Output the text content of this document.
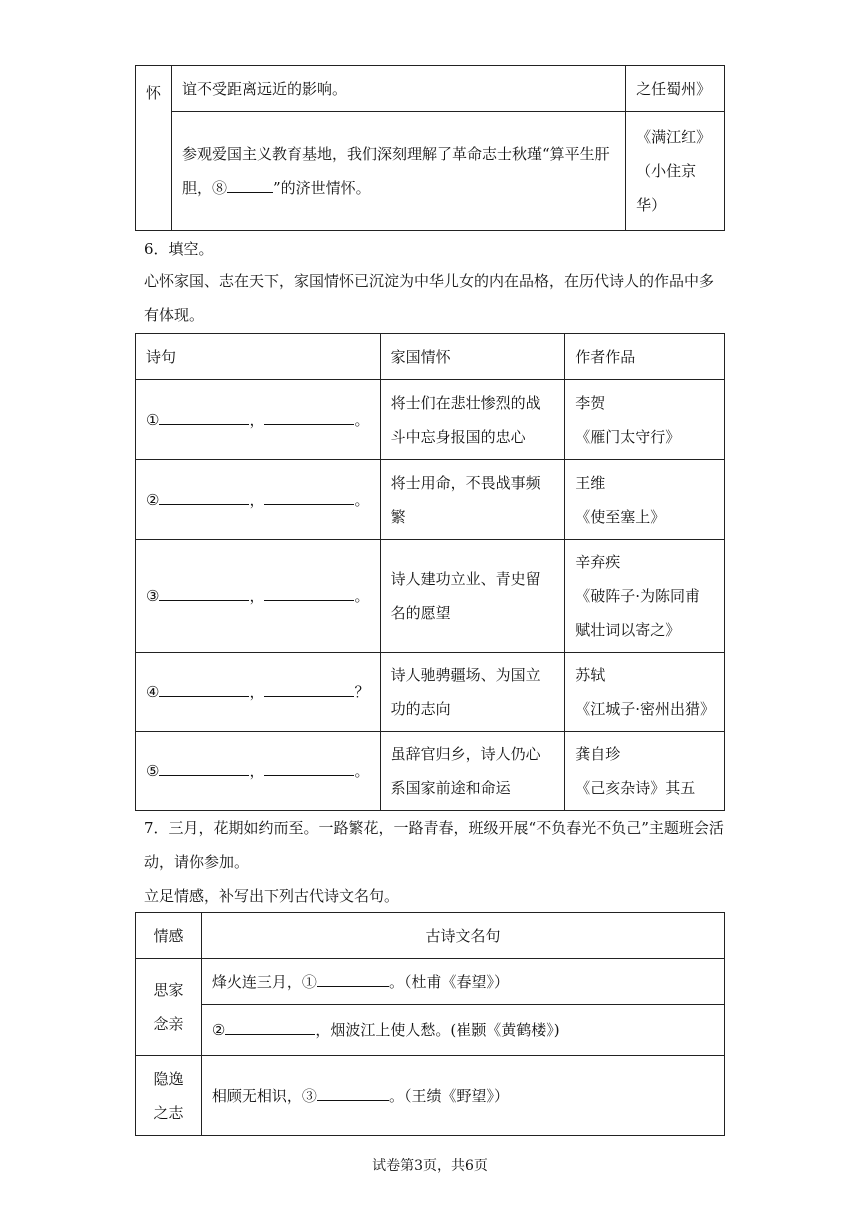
怀	谊不受距离远近的影响。	之任蜀州》
	参观爱国主义教育基地，我们深刻理解了革命志士秋瑾“算平生肝胆，⑧ ”的济世情怀。	《满江红》（小住京华）
6．填空。
心怀家国、志在天下，家国情怀已沉淀为中华儿女的内在品格，在历代诗人的作品中多有体现。
诗句	家国情怀	作者作品
① ， 。	将士们在悲壮惨烈的战斗中忘身报国的忠心	李贺
《雁门太守行》

② ， 。	将士用命，不畏战事频繁	王维
《使至塞上》

③ ， 。	诗人建功立业、青史留名的愿望	辛弃疾
《破阵子·为陈同甫赋壮词以寄之》

④ ， ？	诗人驰骋疆场、为国立功的志向	苏轼
《江城子·密州出猎》

⑤ ， 。	虽辞官归乡，诗人仍心系国家前途和命运	龚自珍
《己亥杂诗》其五
7．三月，花期如约而至。一路繁花，一路青春，班级开展“不负春光不负己”主题班会活动，请你参加。
立足情感，补写出下列古代诗文名句。
情感	古诗文名句
思家念亲	烽火连三月，① 。（杜甫《春望》）
	② ，烟波江上使人愁。(崔颢《黄鹤楼》)
隐逸之志	相顾无相识，③ 。（王绩《野望》）
试卷第3页，共6页
